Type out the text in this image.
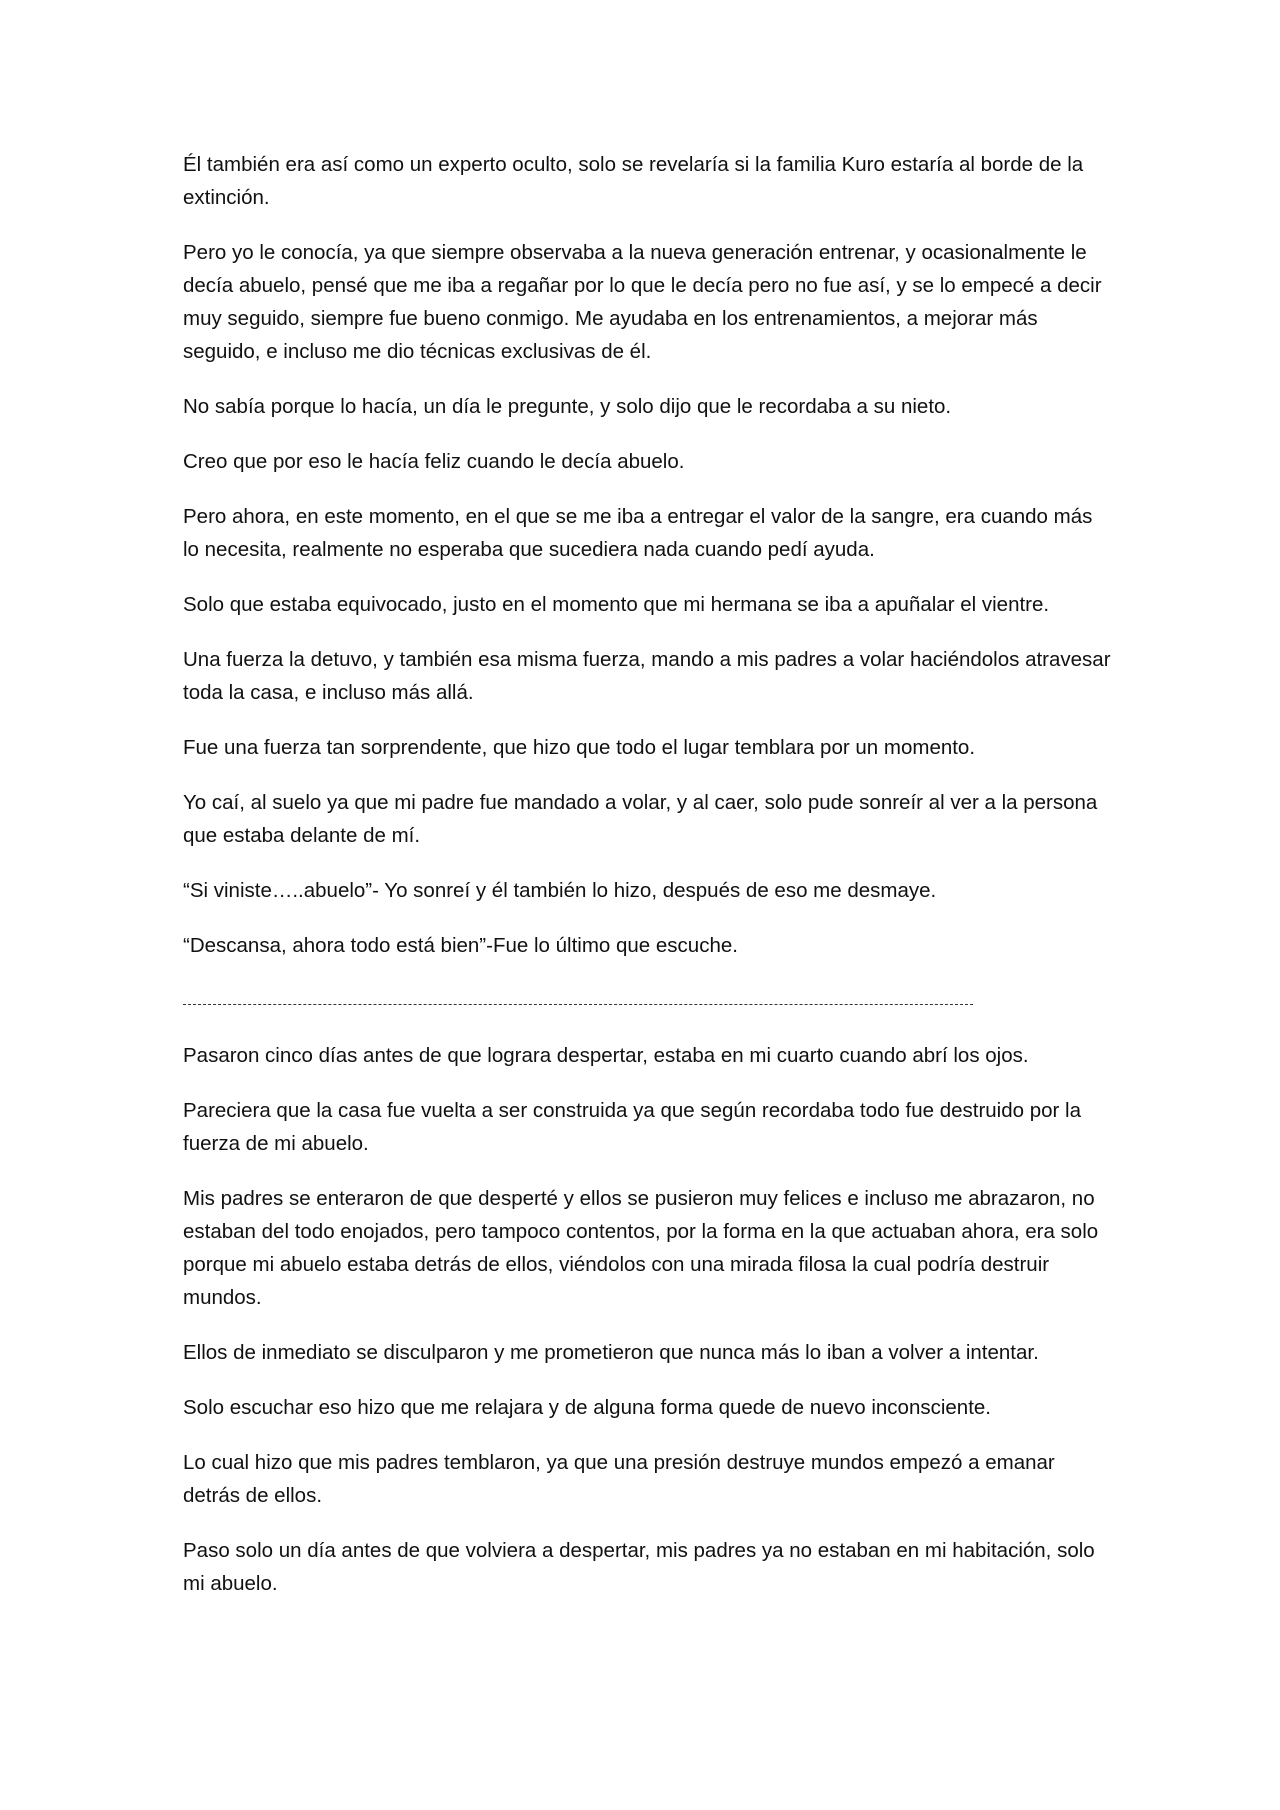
Él también era así como un experto oculto, solo se revelaría si la familia Kuro estaría al borde de la extinción.

Pero yo le conocía, ya que siempre observaba a la nueva generación entrenar, y ocasionalmente le decía abuelo, pensé que me iba a regañar por lo que le decía pero no fue así, y se lo empecé a decir muy seguido, siempre fue bueno conmigo. Me ayudaba en los entrenamientos, a mejorar más seguido, e incluso me dio técnicas exclusivas de él.

No sabía porque lo hacía, un día le pregunte, y solo dijo que le recordaba a su nieto.

Creo que por eso le hacía feliz cuando le decía abuelo.

Pero ahora, en este momento, en el que se me iba a entregar el valor de la sangre, era cuando más lo necesita, realmente no esperaba que sucediera nada cuando pedí ayuda.

Solo que estaba equivocado, justo en el momento que mi hermana se iba a apuñalar el vientre.

Una fuerza la detuvo, y también esa misma fuerza, mando a mis padres a volar haciéndolos atravesar toda la casa, e incluso más allá.

Fue una fuerza tan sorprendente, que hizo que todo el lugar temblara por un momento.

Yo caí, al suelo ya que mi padre fue mandado a volar, y al caer, solo pude sonreír al ver a la persona que estaba delante de mí.

“Si viniste…..abuelo”- Yo sonreí y él también lo hizo, después de eso me desmaye.

“Descansa, ahora todo está bien”-Fue lo último que escuche.

Pasaron cinco días antes de que lograra despertar, estaba en mi cuarto cuando abrí los ojos.

Pareciera que la casa fue vuelta a ser construida ya que según recordaba todo fue destruido por la fuerza de mi abuelo.

Mis padres se enteraron de que desperté y ellos se pusieron muy felices e incluso me abrazaron, no estaban del todo enojados, pero tampoco contentos, por la forma en la que actuaban ahora, era solo porque mi abuelo estaba detrás de ellos, viéndolos con una mirada filosa la cual podría destruir mundos.

Ellos de inmediato se disculparon y me prometieron que nunca más lo iban a volver a intentar.

Solo escuchar eso hizo que me relajara y de alguna forma quede de nuevo inconsciente.

Lo cual hizo que mis padres temblaron, ya que una presión destruye mundos empezó a emanar detrás de ellos.

Paso solo un día antes de que volviera a despertar, mis padres ya no estaban en mi habitación, solo mi abuelo.
